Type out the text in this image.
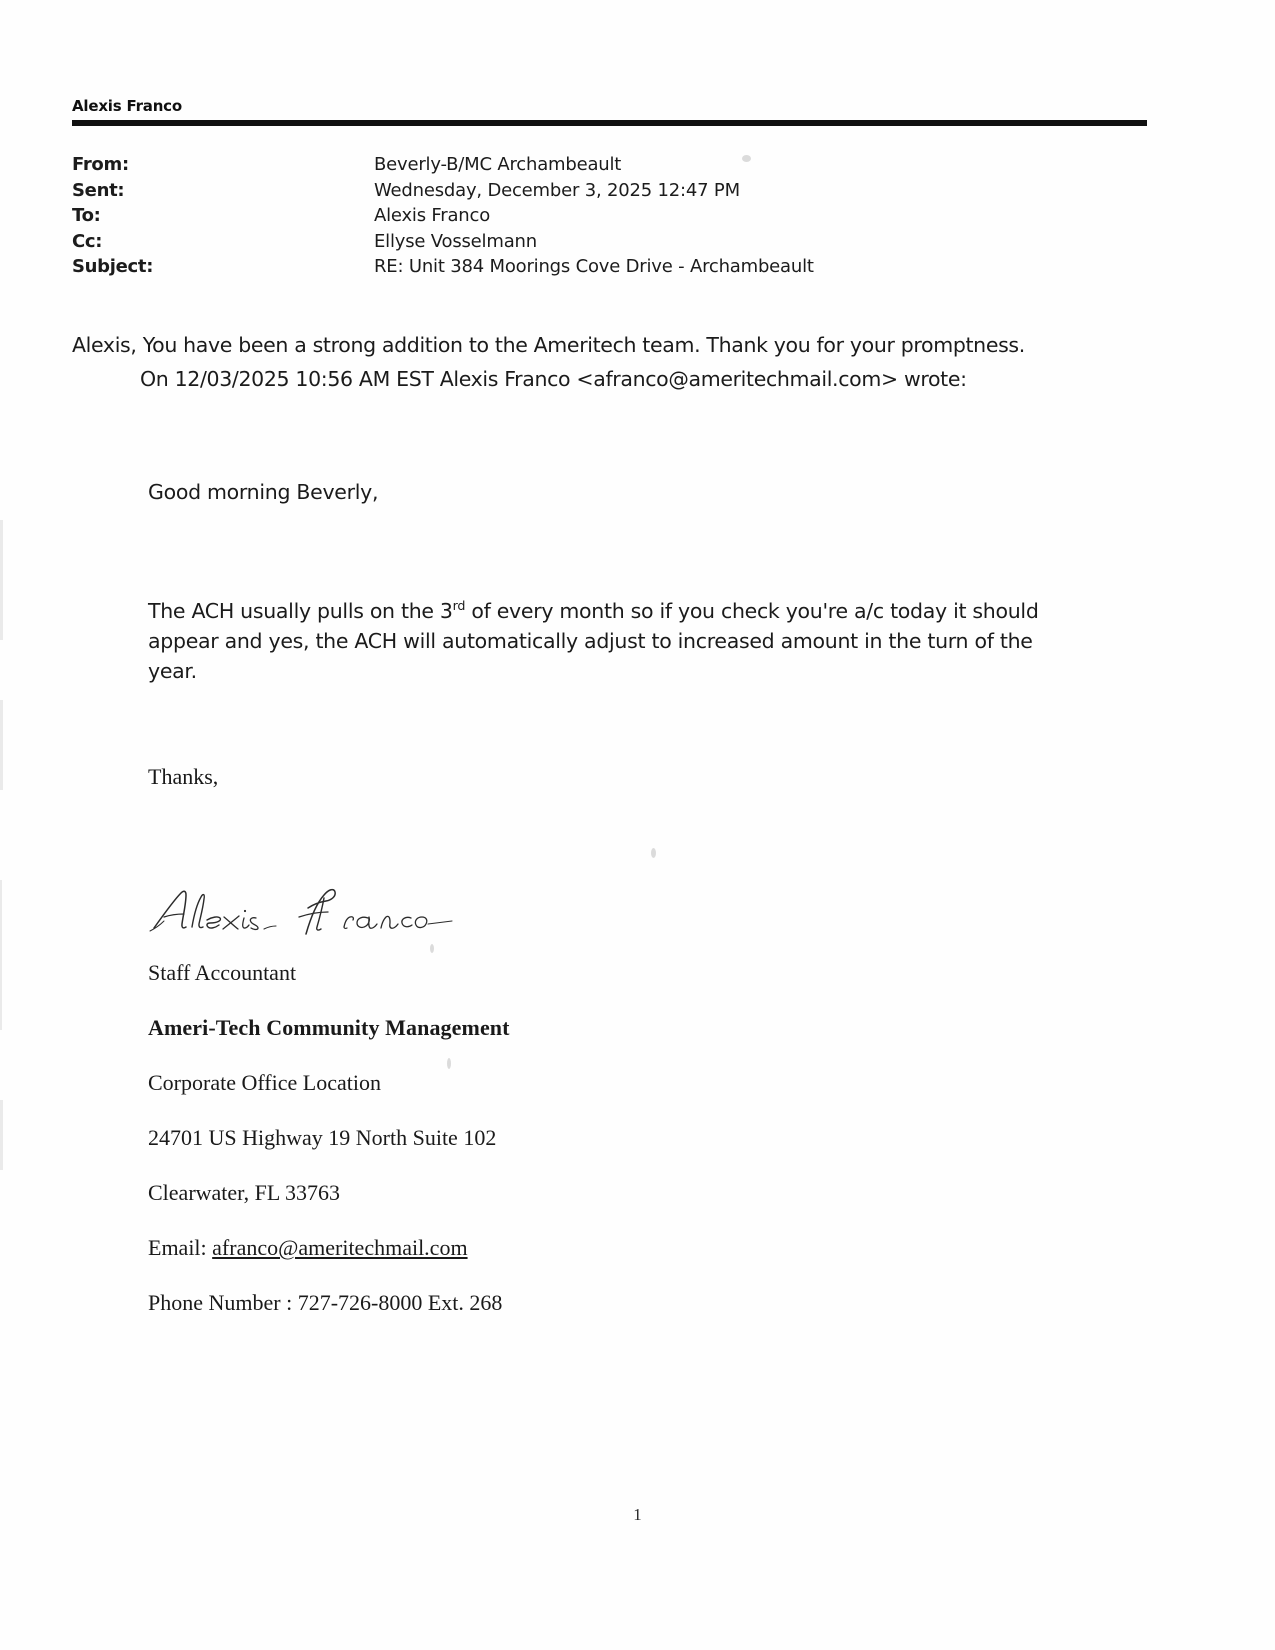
Alexis Franco
From:	Beverly-B/MC Archambeault
Sent:	Wednesday, December 3, 2025 12:47 PM
To:	Alexis Franco
Cc:	Ellyse Vosselmann
Subject:	RE: Unit 384 Moorings Cove Drive - Archambeault
Alexis, You have been a strong addition to the Ameritech team. Thank you for your promptness.
On 12/03/2025 10:56 AM EST Alexis Franco <afranco@ameritechmail.com> wrote:
Good morning Beverly,
The ACH usually pulls on the 3rd of every month so if you check you're a/c today it should appear and yes, the ACH will automatically adjust to increased amount in the turn of the year.
Thanks,
Staff Accountant
Ameri-Tech Community Management
Corporate Office Location
24701 US Highway 19 North Suite 102
Clearwater, FL 33763
Email: afranco@ameritechmail.com
Phone Number : 727-726-8000 Ext. 268
1
